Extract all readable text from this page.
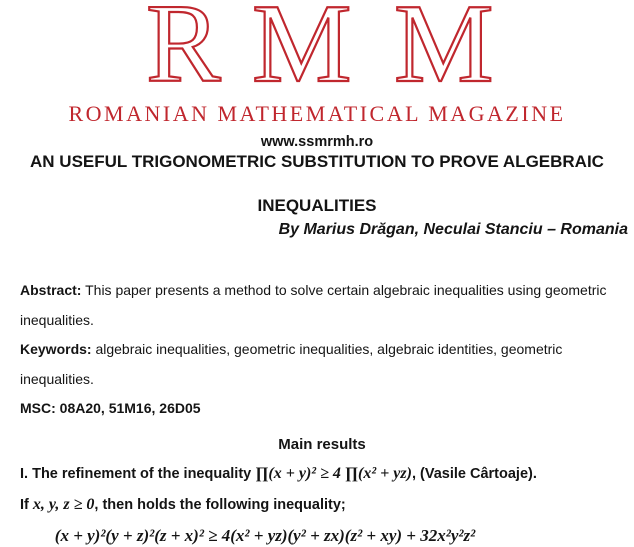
R M M
ROMANIAN MATHEMATICAL MAGAZINE
www.ssmrmh.ro
AN USEFUL TRIGONOMETRIC SUBSTITUTION TO PROVE ALGEBRAIC
INEQUALITIES
By Marius Drăgan, Neculai Stanciu – Romania

Abstract: This paper presents a method to solve certain algebraic inequalities using geometric inequalities.

Keywords: algebraic inequalities, geometric inequalities, algebraic identities, geometric inequalities.

MSC: 08A20, 51M16, 26D05

Main results

I. The refinement of the inequality ∏(x + y)² ≥ 4 ∏(x² + yz), (Vasile Cârtoaje).

If x, y, z ≥ 0, then holds the following inequality;

(x + y)²(y + z)²(z + x)² ≥ 4(x² + yz)(y² + zx)(z² + xy) + 32x²y²z²
